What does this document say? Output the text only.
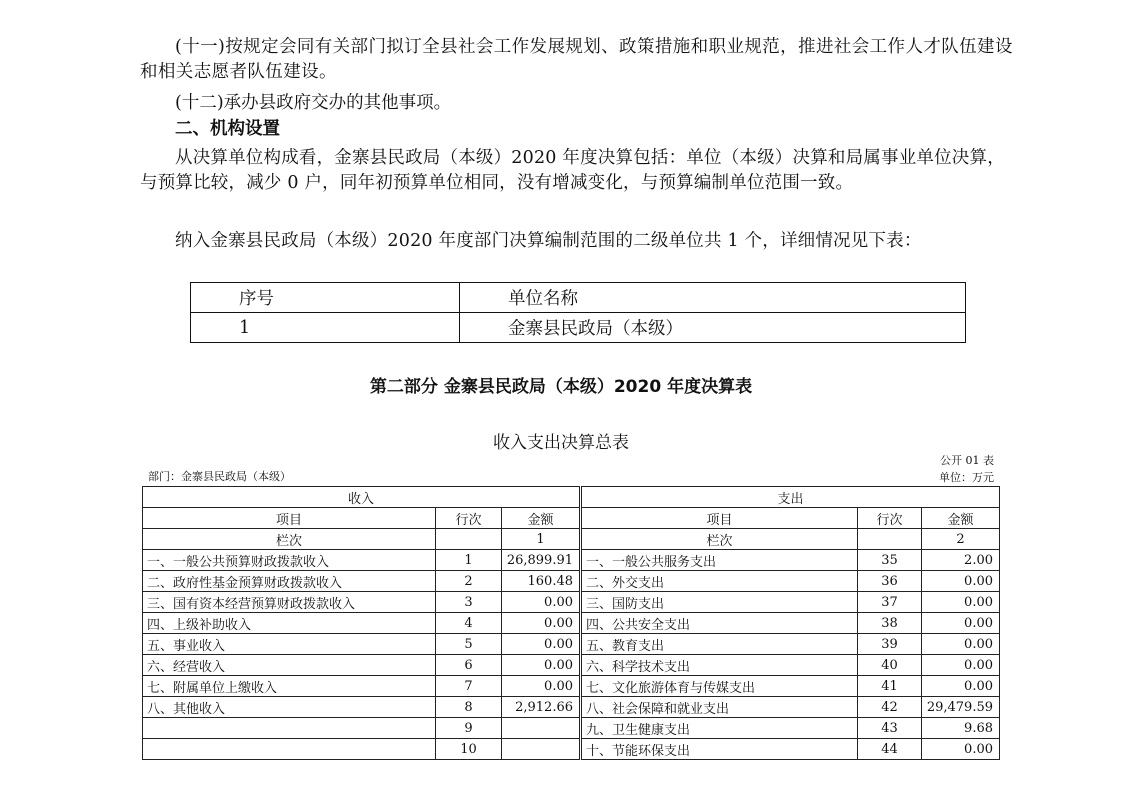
(十一)按规定会同有关部门拟订全县社会工作发展规划、政策措施和职业规范，推进社会工作人才队伍建设和相关志愿者队伍建设。

(十二)承办县政府交办的其他事项。

二、机构设置

从决算单位构成看，金寨县民政局（本级）2020 年度决算包括：单位（本级）决算和局属事业单位决算，与预算比较，减少 0 户，同年初预算单位相同，没有增减变化，与预算编制单位范围一致。

纳入金寨县民政局（本级）2020 年度部门决算编制范围的二级单位共 1 个，详细情况见下表：

序号	单位名称
1	金寨县民政局（本级）
第二部分 金寨县民政局（本级）2020 年度决算表
收入支出决算总表
公开 01 表
部门：金寨县民政局（本级）	单位：万元
收入				支出		
项目	行次	金额		项目	行次	金额
栏次		1		栏次		2
一、一般公共预算财政拨款收入	1	26,899.91		一、一般公共服务支出	35	2.00
二、政府性基金预算财政拨款收入	2	160.48		二、外交支出	36	0.00
三、国有资本经营预算财政拨款收入	3	0.00		三、国防支出	37	0.00
四、上级补助收入	4	0.00		四、公共安全支出	38	0.00
五、事业收入	5	0.00		五、教育支出	39	0.00
六、经营收入	6	0.00		六、科学技术支出	40	0.00
七、附属单位上缴收入	7	0.00		七、文化旅游体育与传媒支出	41	0.00
八、其他收入	8	2,912.66		八、社会保障和就业支出	42	29,479.59
	9			九、卫生健康支出	43	9.68
	10			十、节能环保支出	44	0.00
